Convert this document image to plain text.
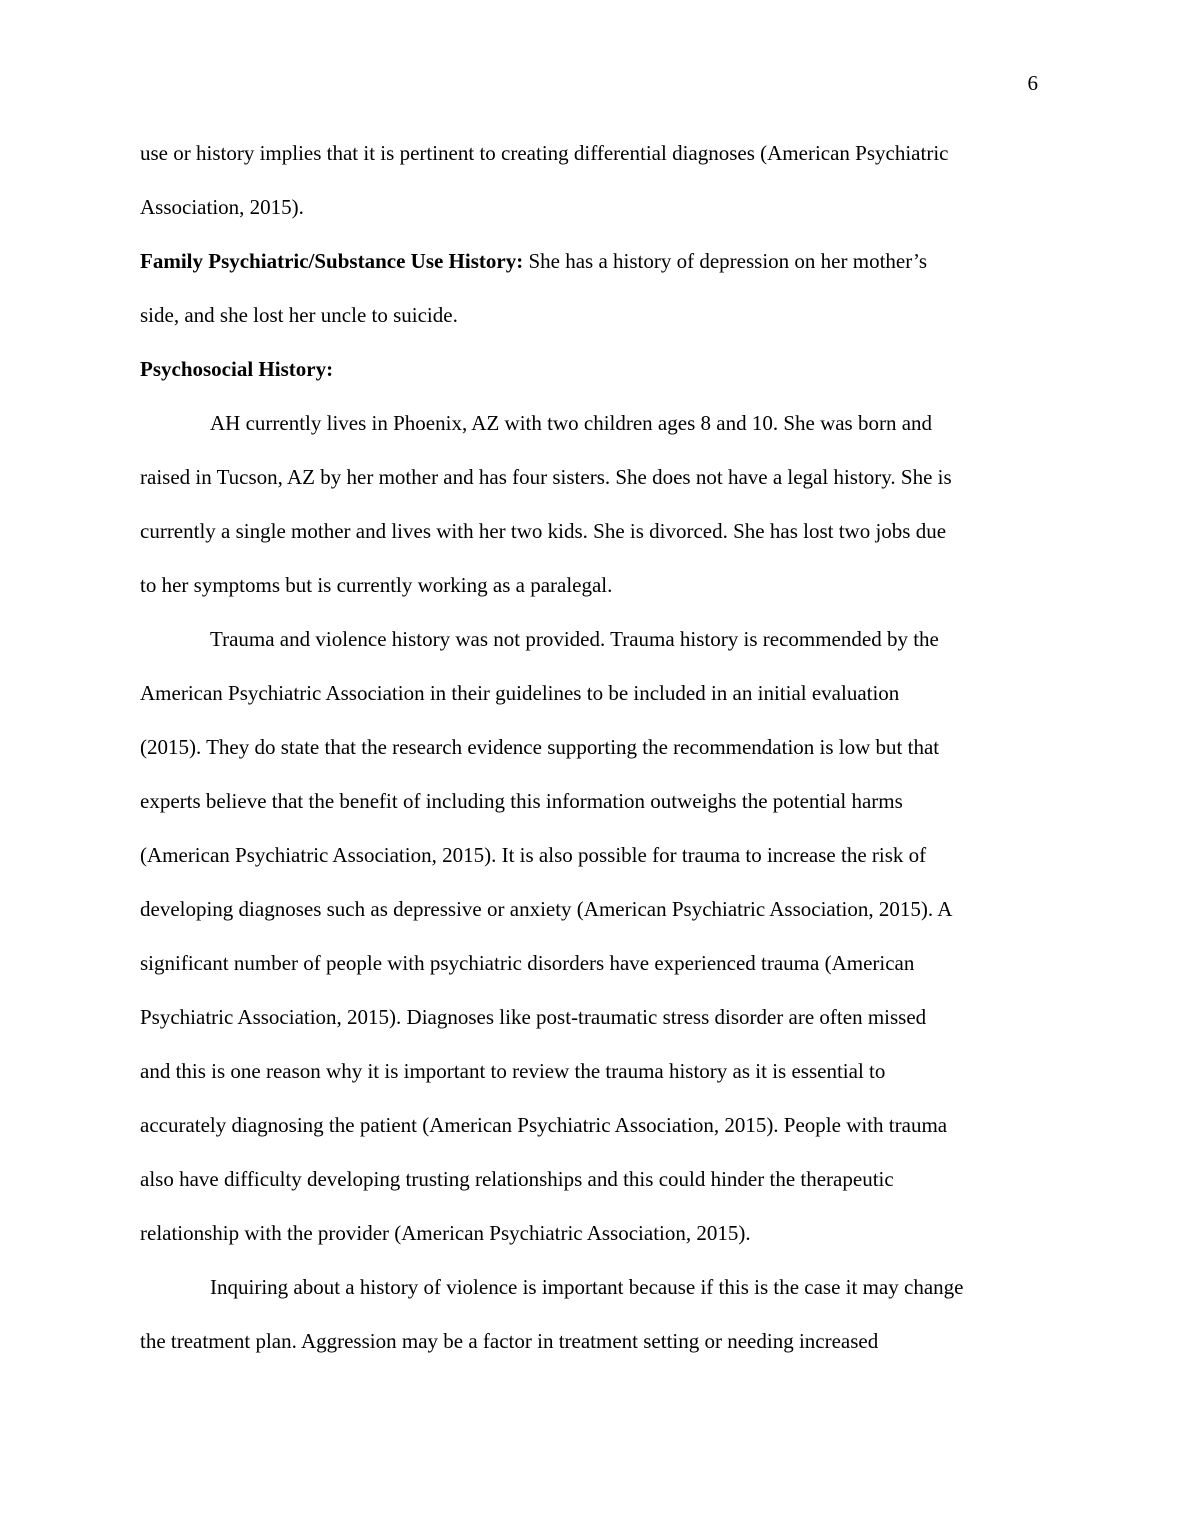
6

use or history implies that it is pertinent to creating differential diagnoses (American Psychiatric
Association, 2015).

Family Psychiatric/Substance Use History: She has a history of depression on her mother’s
side, and she lost her uncle to suicide.

Psychosocial History:

AH currently lives in Phoenix, AZ with two children ages 8 and 10. She was born and
raised in Tucson, AZ by her mother and has four sisters. She does not have a legal history. She is
currently a single mother and lives with her two kids. She is divorced. She has lost two jobs due
to her symptoms but is currently working as a paralegal.

Trauma and violence history was not provided. Trauma history is recommended by the
American Psychiatric Association in their guidelines to be included in an initial evaluation
(2015). They do state that the research evidence supporting the recommendation is low but that
experts believe that the benefit of including this information outweighs the potential harms
(American Psychiatric Association, 2015). It is also possible for trauma to increase the risk of
developing diagnoses such as depressive or anxiety (American Psychiatric Association, 2015). A
significant number of people with psychiatric disorders have experienced trauma (American
Psychiatric Association, 2015). Diagnoses like post-traumatic stress disorder are often missed
and this is one reason why it is important to review the trauma history as it is essential to
accurately diagnosing the patient (American Psychiatric Association, 2015). People with trauma
also have difficulty developing trusting relationships and this could hinder the therapeutic
relationship with the provider (American Psychiatric Association, 2015).

Inquiring about a history of violence is important because if this is the case it may change
the treatment plan. Aggression may be a factor in treatment setting or needing increased
